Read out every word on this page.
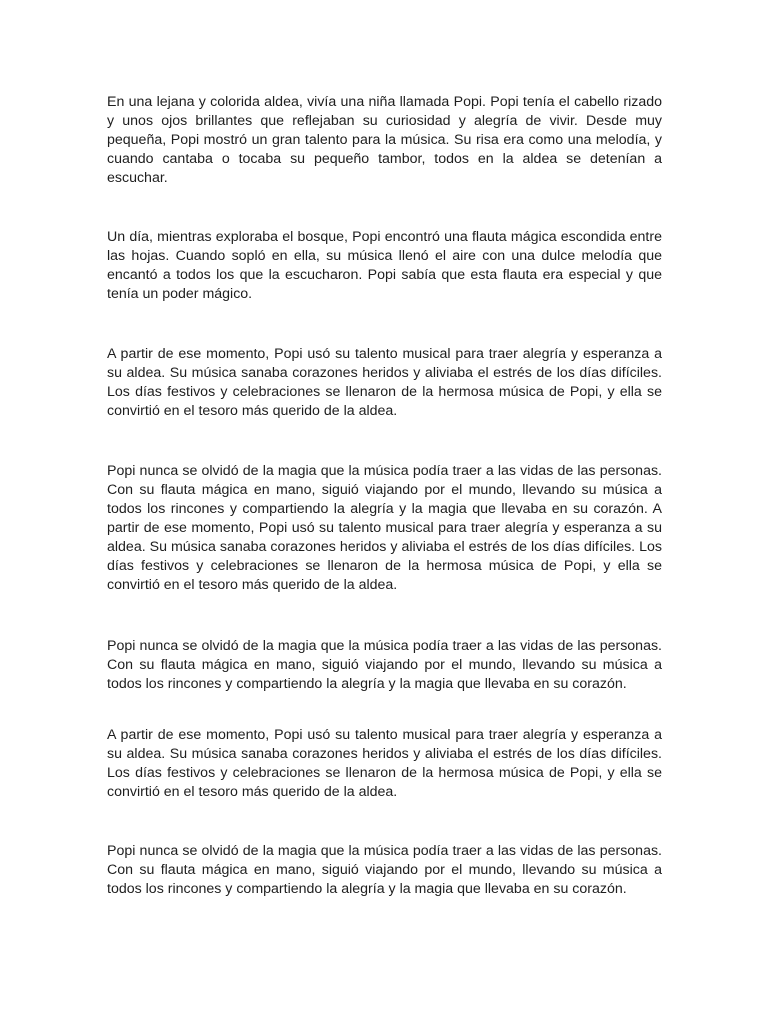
En una lejana y colorida aldea, vivía una niña llamada Popi. Popi tenía el cabello rizado y unos ojos brillantes que reflejaban su curiosidad y alegría de vivir. Desde muy pequeña, Popi mostró un gran talento para la música. Su risa era como una melodía, y cuando cantaba o tocaba su pequeño tambor, todos en la aldea se detenían a escuchar.

Un día, mientras exploraba el bosque, Popi encontró una flauta mágica escondida entre las hojas. Cuando sopló en ella, su música llenó el aire con una dulce melodía que encantó a todos los que la escucharon. Popi sabía que esta flauta era especial y que tenía un poder mágico.

A partir de ese momento, Popi usó su talento musical para traer alegría y esperanza a su aldea. Su música sanaba corazones heridos y aliviaba el estrés de los días difíciles. Los días festivos y celebraciones se llenaron de la hermosa música de Popi, y ella se convirtió en el tesoro más querido de la aldea.

Popi nunca se olvidó de la magia que la música podía traer a las vidas de las personas. Con su flauta mágica en mano, siguió viajando por el mundo, llevando su música a todos los rincones y compartiendo la alegría y la magia que llevaba en su corazón. A partir de ese momento, Popi usó su talento musical para traer alegría y esperanza a su aldea. Su música sanaba corazones heridos y aliviaba el estrés de los días difíciles. Los días festivos y celebraciones se llenaron de la hermosa música de Popi, y ella se convirtió en el tesoro más querido de la aldea.

Popi nunca se olvidó de la magia que la música podía traer a las vidas de las personas. Con su flauta mágica en mano, siguió viajando por el mundo, llevando su música a todos los rincones y compartiendo la alegría y la magia que llevaba en su corazón.

A partir de ese momento, Popi usó su talento musical para traer alegría y esperanza a su aldea. Su música sanaba corazones heridos y aliviaba el estrés de los días difíciles. Los días festivos y celebraciones se llenaron de la hermosa música de Popi, y ella se convirtió en el tesoro más querido de la aldea.

Popi nunca se olvidó de la magia que la música podía traer a las vidas de las personas. Con su flauta mágica en mano, siguió viajando por el mundo, llevando su música a todos los rincones y compartiendo la alegría y la magia que llevaba en su corazón.
